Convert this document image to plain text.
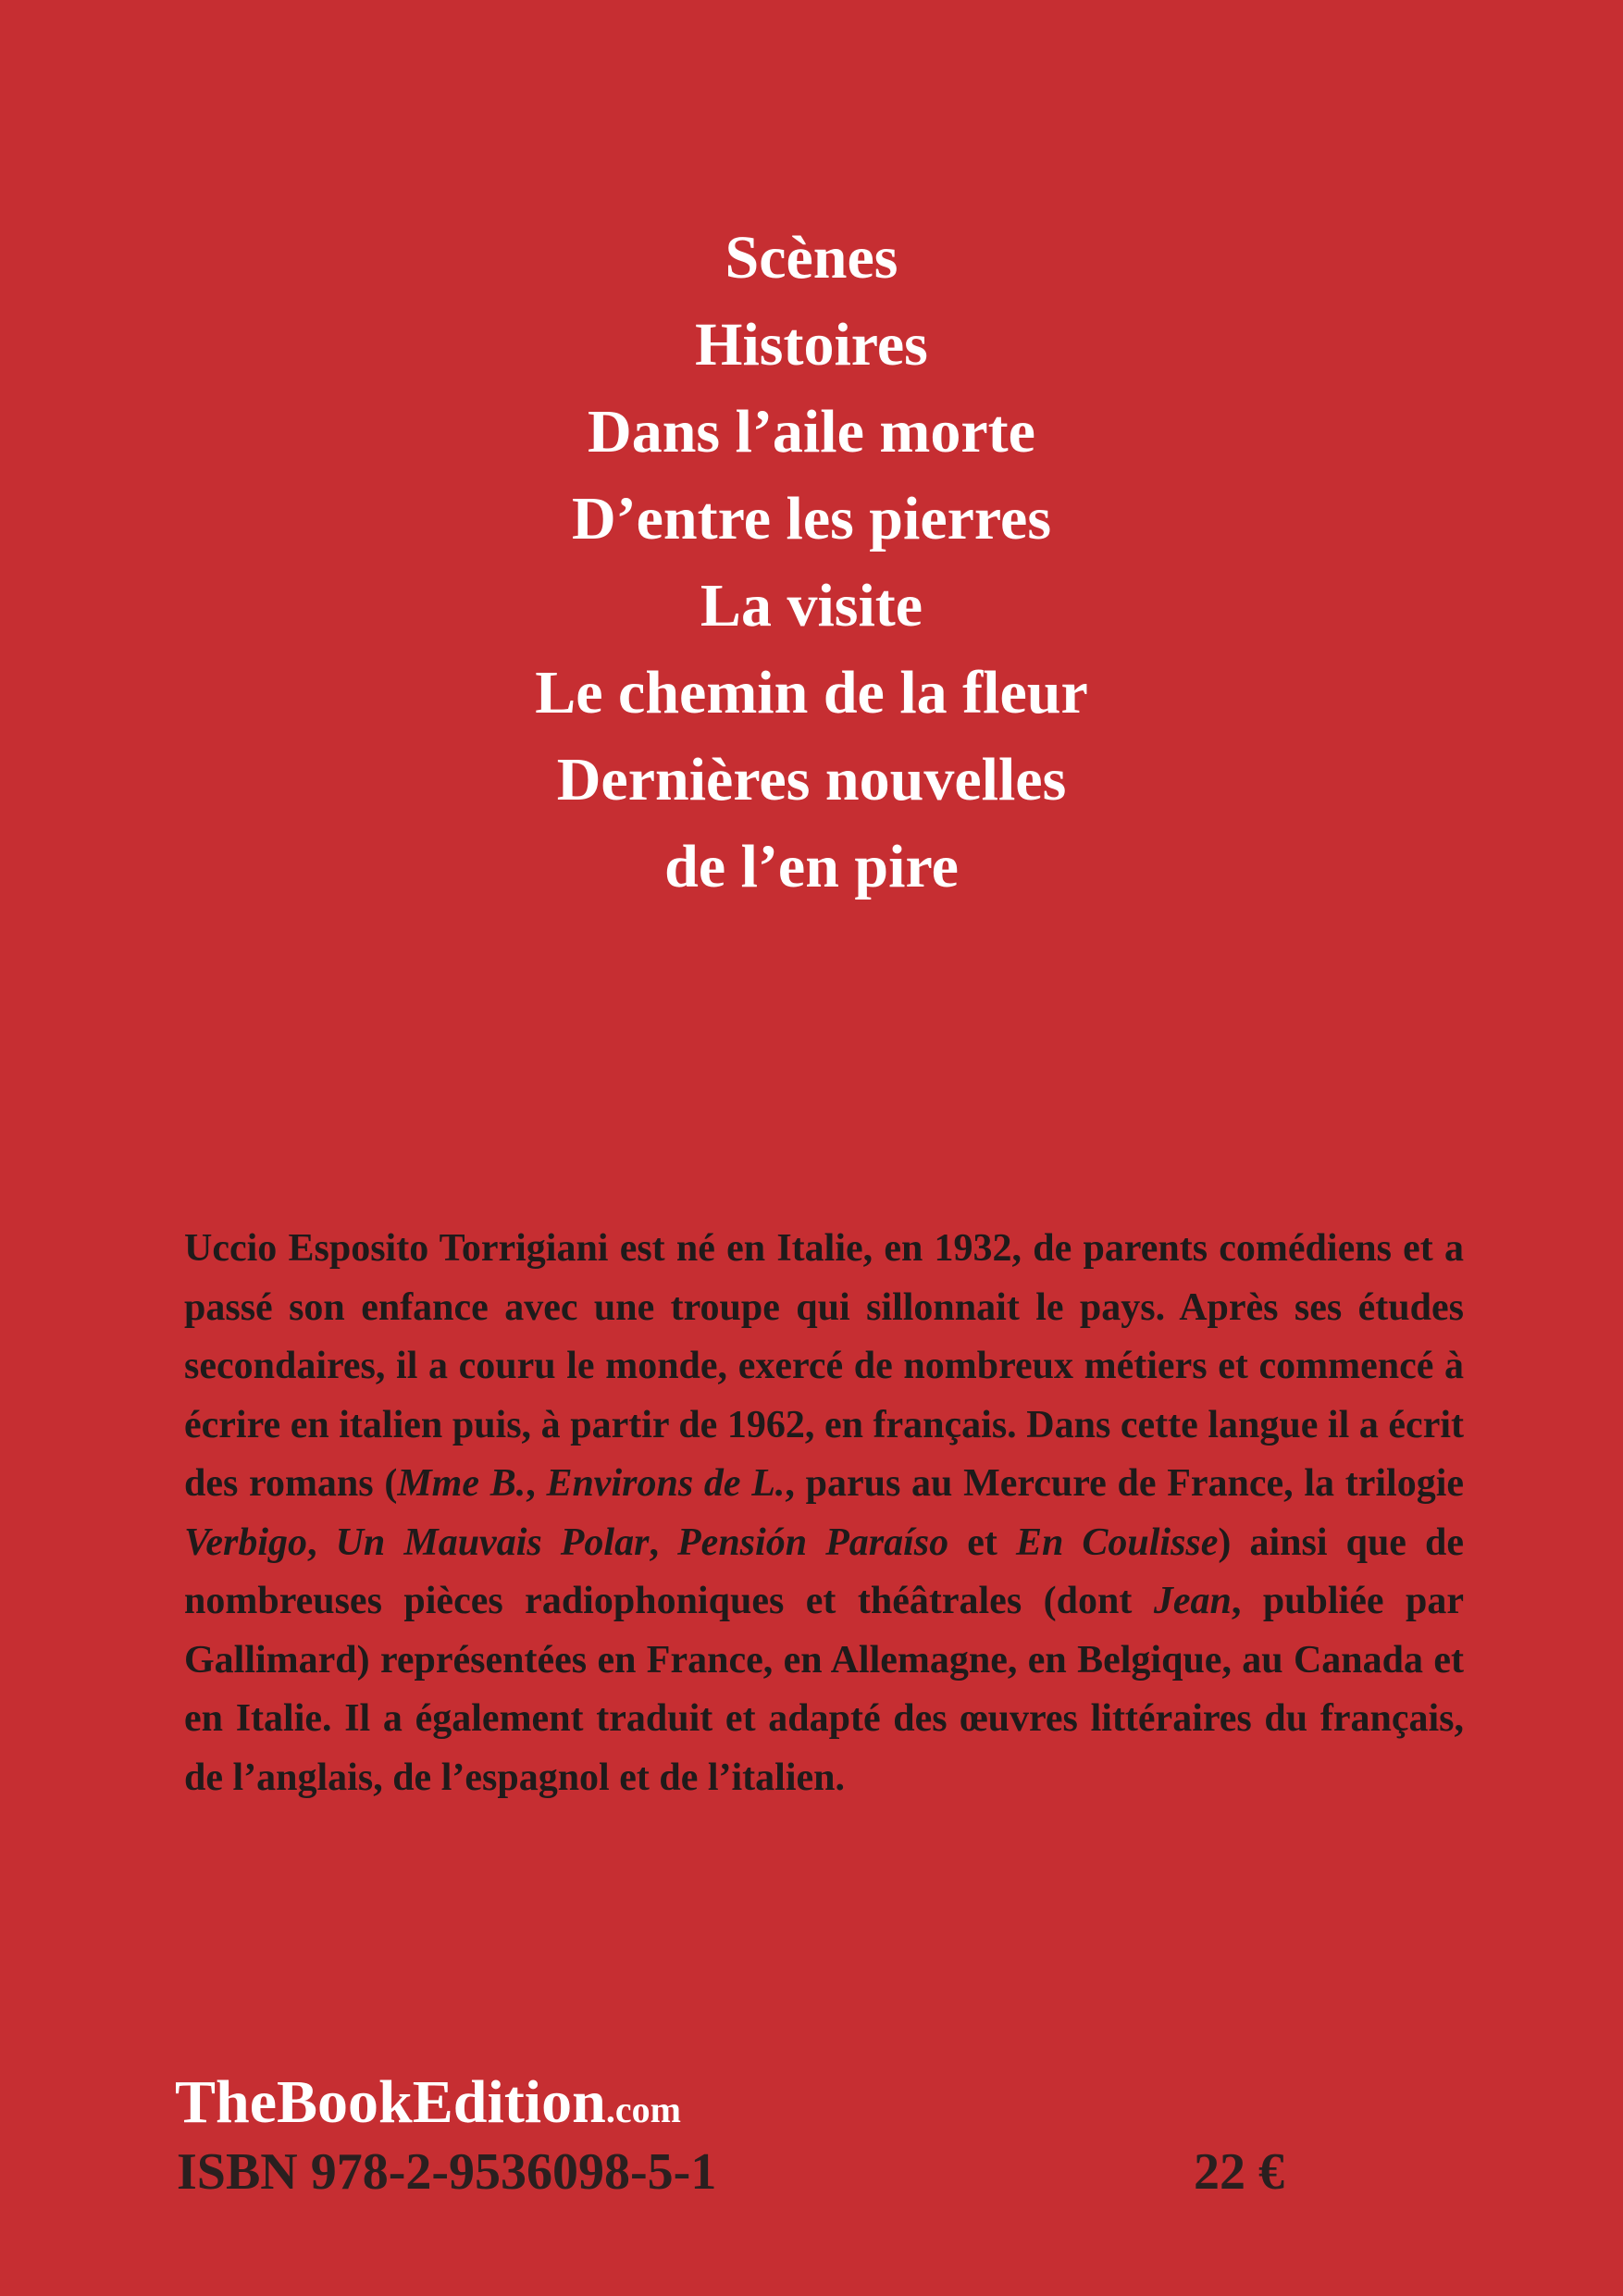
Scènes
Histoires
Dans l’aile morte
D’entre les pierres
La visite
Le chemin de la fleur
Dernières nouvelles
de l’en pire

Uccio Esposito Torrigiani est né en Italie, en 1932, de parents comédiens et a passé son enfance avec une troupe qui sillonnait le pays. Après ses études secondaires, il a couru le monde, exercé de nombreux métiers et commencé à écrire en italien puis, à partir de 1962, en français. Dans cette langue il a écrit des romans (Mme B., Environs de L., parus au Mercure de France, la trilogie Verbigo, Un Mauvais Polar, Pensión Paraíso et En Coulisse) ainsi que de nombreuses pièces radiophoniques et théâtrales (dont Jean, publiée par Gallimard) représentées en France, en Allemagne, en Belgique, au Canada et en Italie. Il a également traduit et adapté des œuvres littéraires du français, de l’anglais, de l’espagnol et de l’italien.

TheBookEdition.com
ISBN 978-2-9536098-5-1	22 €
